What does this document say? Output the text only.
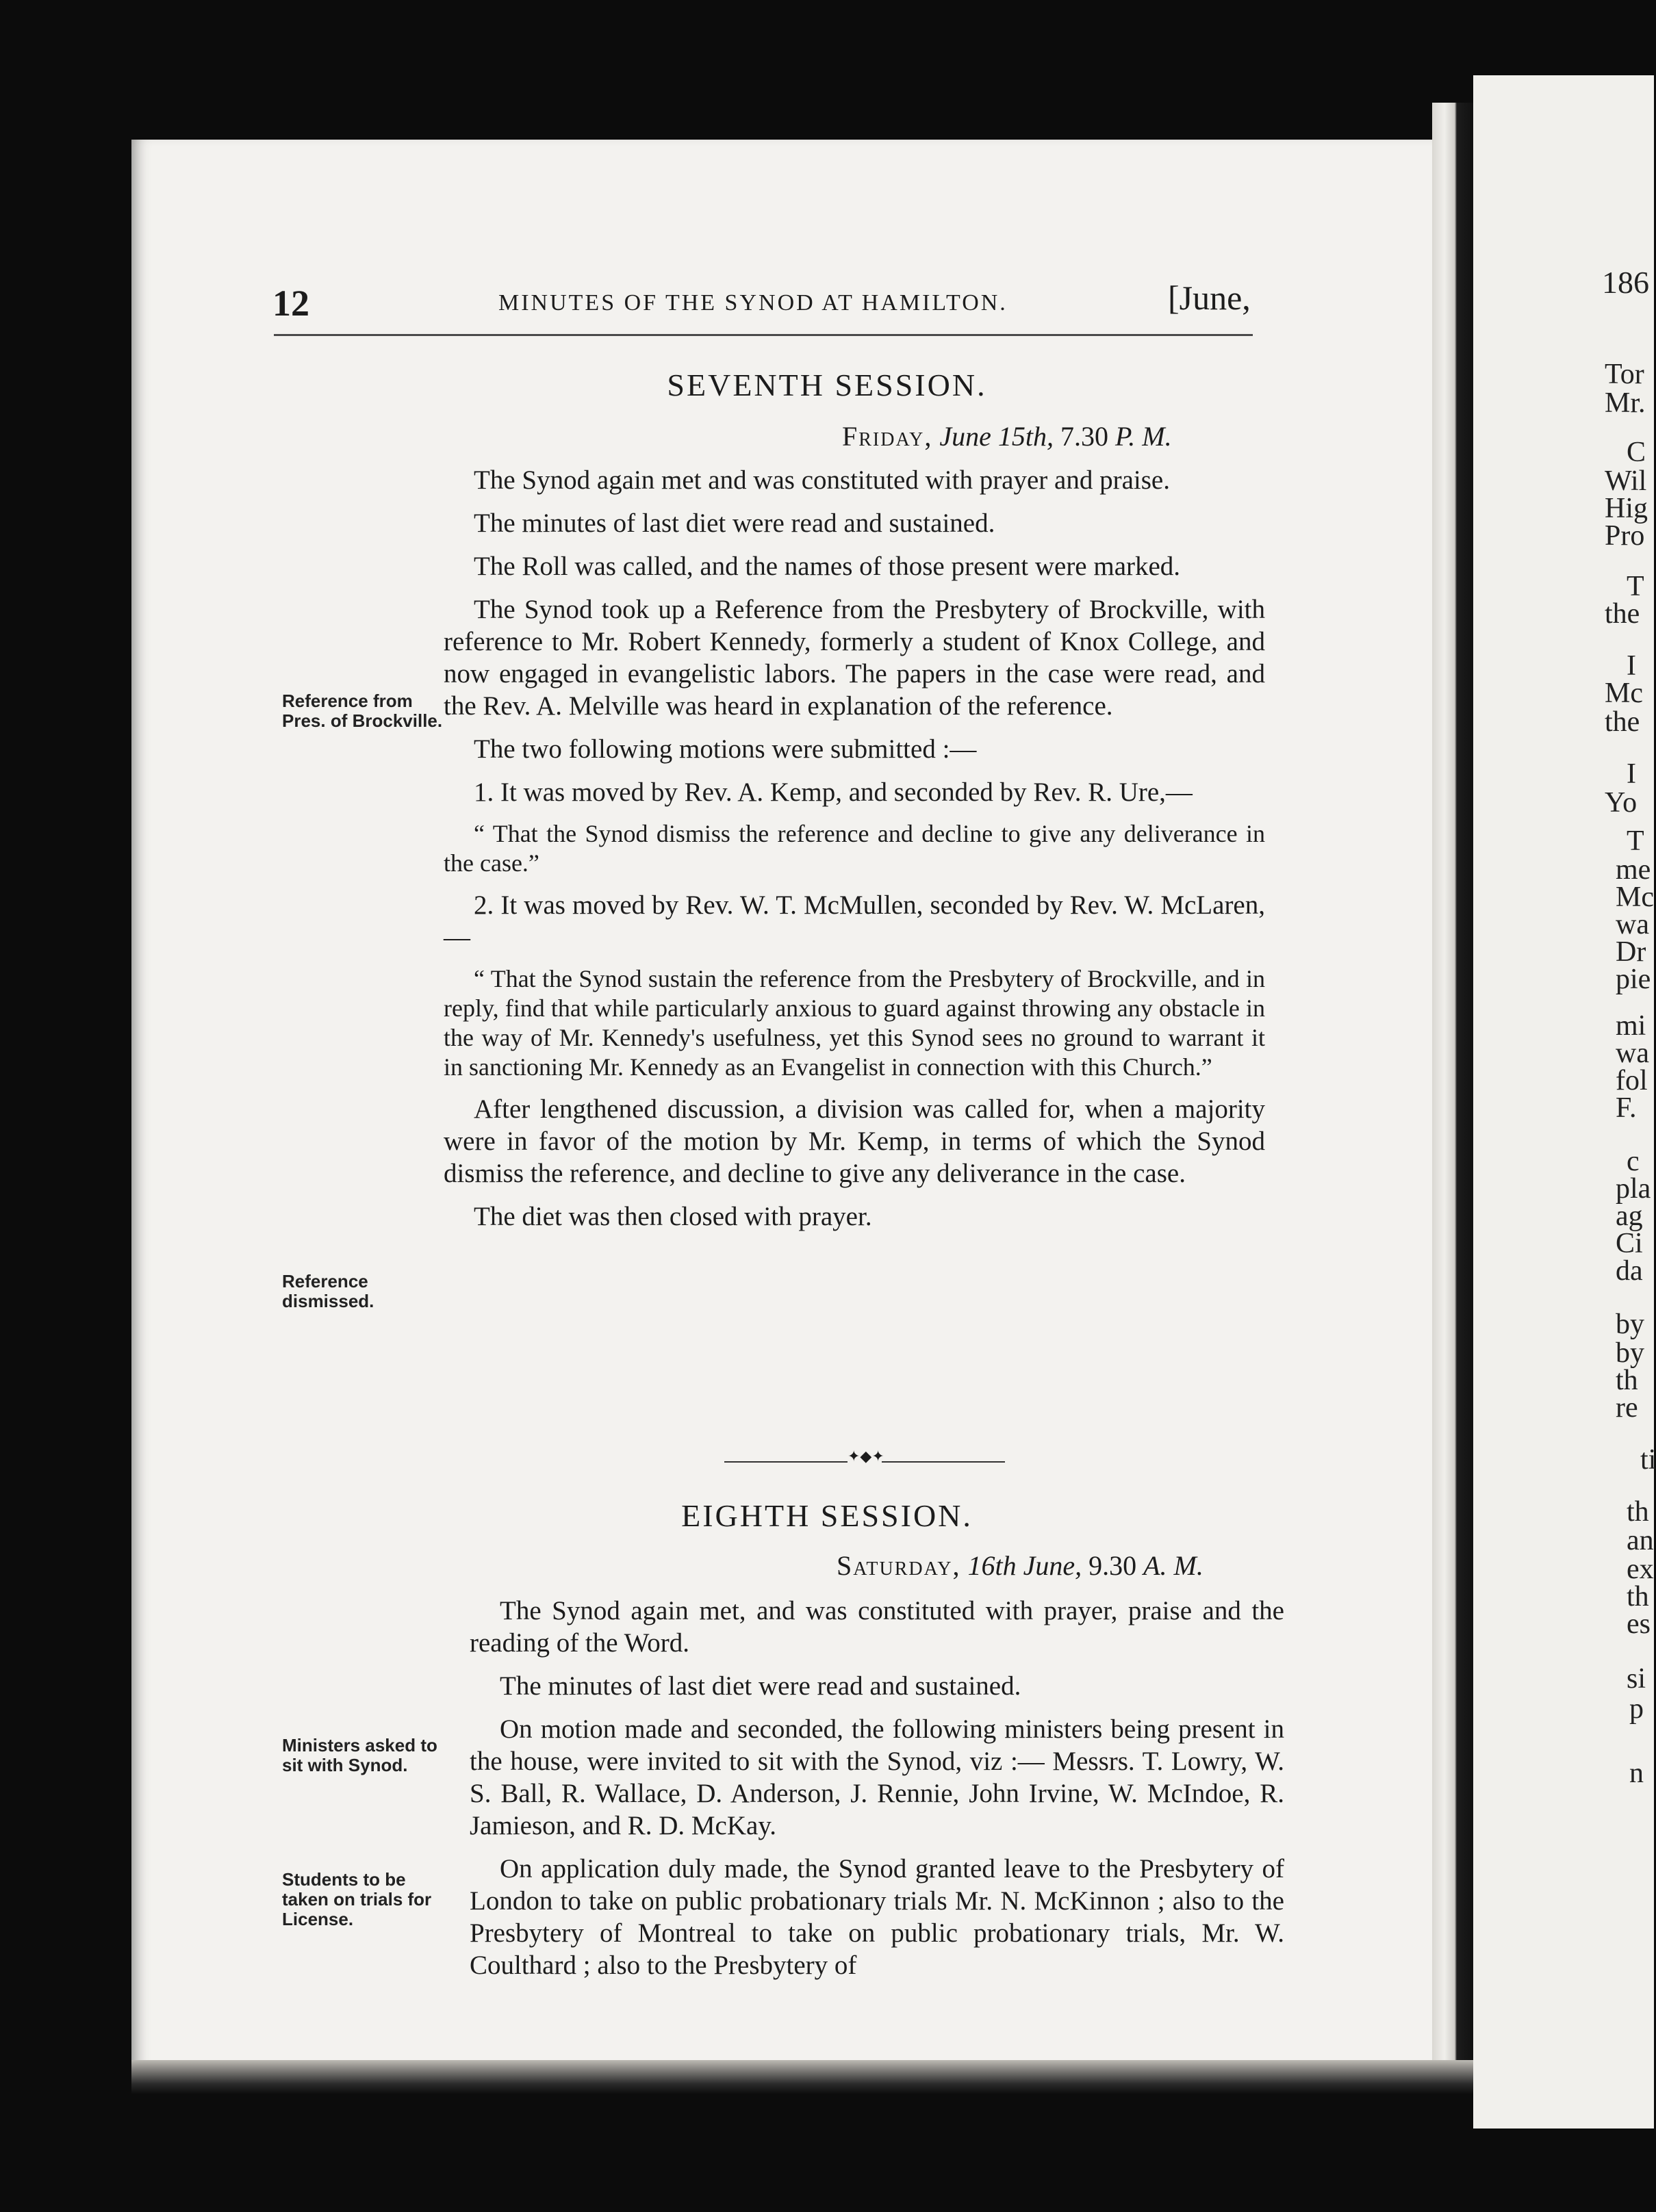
12	MINUTES OF THE SYNOD AT HAMILTON.	[June,
SEVENTH SESSION.
Friday, June 15th, 7.30 P. M.

The Synod again met and was constituted with prayer and praise.

The minutes of last diet were read and sustained.

The Roll was called, and the names of those present were marked.

The Synod took up a Reference from the Presbytery of Brockville, with reference to Mr. Robert Kennedy, formerly a student of Knox College, and now engaged in evangelistic labors. The papers in the case were read, and the Rev. A. Melville was heard in explanation of the reference.

The two following motions were submitted :—

1. It was moved by Rev. A. Kemp, and seconded by Rev. R. Ure,—

“ That the Synod dismiss the reference and decline to give any deliverance in the case.”

2. It was moved by Rev. W. T. McMullen, seconded by Rev. W. McLaren,—

“ That the Synod sustain the reference from the Presbytery of Brockville, and in reply, find that while particularly anxious to guard against throwing any obstacle in the way of Mr. Kennedy's usefulness, yet this Synod sees no ground to warrant it in sanctioning Mr. Kennedy as an Evangelist in connection with this Church.”

After lengthened discussion, a division was called for, when a majority were in favor of the motion by Mr. Kemp, in terms of which the Synod dismiss the reference, and decline to give any deliverance in the case.

The diet was then closed with prayer.

Reference from Pres. of Brockville.
Reference dismissed.
✦◆✦
EIGHTH SESSION.
Saturday, 16th June, 9.30 A. M.

The Synod again met, and was constituted with prayer, praise and the reading of the Word.

The minutes of last diet were read and sustained.

On motion made and seconded, the following ministers being present in the house, were invited to sit with the Synod, viz :— Messrs. T. Lowry, W. S. Ball, R. Wallace, D. Anderson, J. Rennie, John Irvine, W. McIndoe, R. Jamieson, and R. D. McKay.

On application duly made, the Synod granted leave to the Presbytery of London to take on public probationary trials Mr. N. McKinnon ; also to the Presbytery of Montreal to take on public probationary trials, Mr. W. Coulthard ; also to the Presbytery of

Ministers asked to sit with Synod.
Students to be taken on trials for License.
186
Tor
Mr.
C
Wil
Hig
Pro
T
the
I
Mc
the
I
Yo
T
me
Mc
wa
Dr
pie
mi
wa
fol
F.
c
pla
ag
Ci
da
by
by
th
re
ti
th
an
ex
th
es
si
p
n
